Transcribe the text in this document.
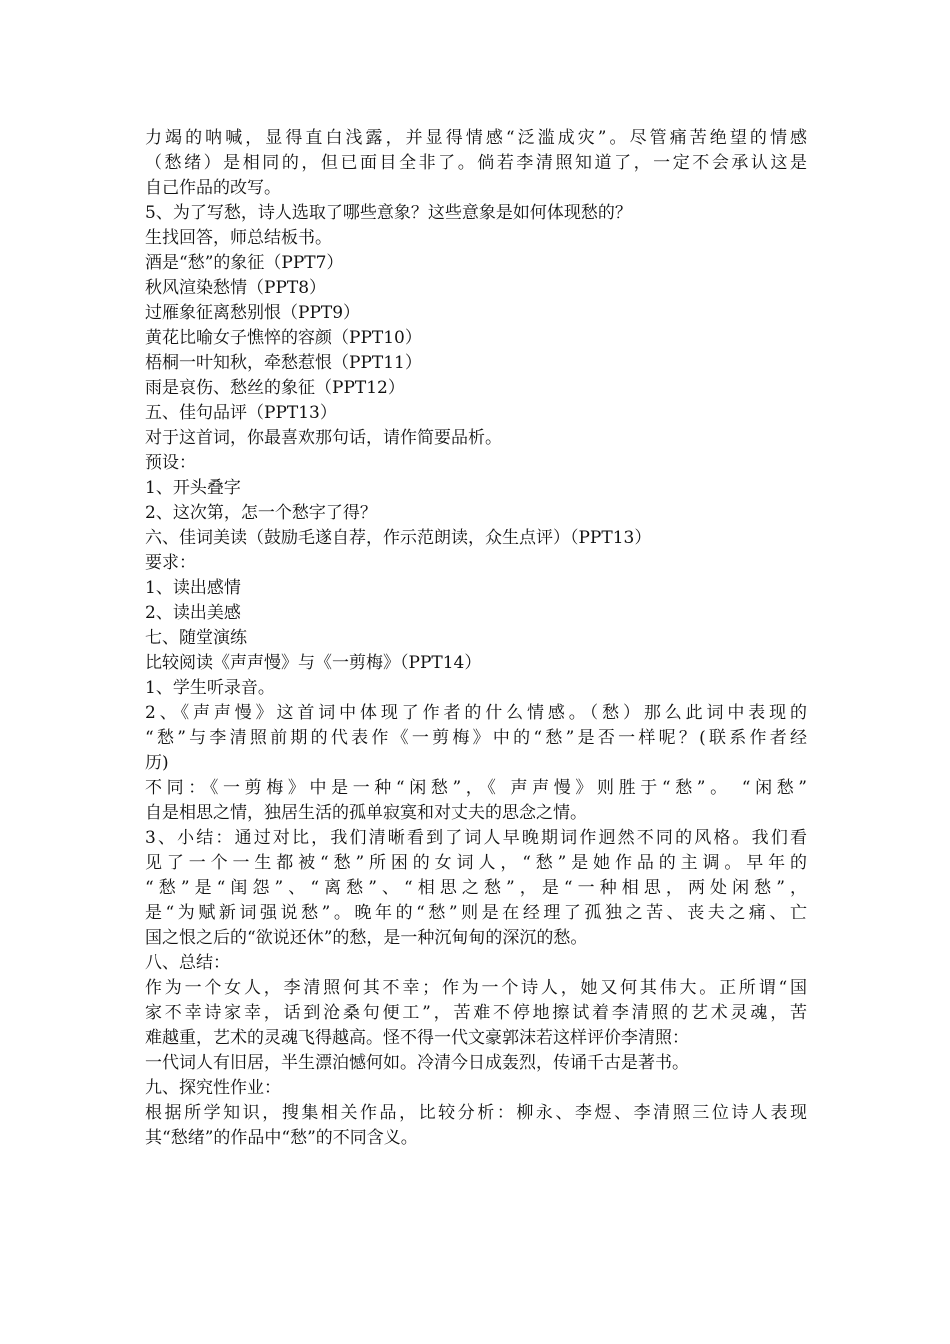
力竭的呐喊，显得直白浅露，并显得情感“泛滥成灾”。尽管痛苦绝望的情感
（愁绪）是相同的，但已面目全非了。倘若李清照知道了，一定不会承认这是
自己作品的改写。
5、为了写愁，诗人选取了哪些意象？这些意象是如何体现愁的？
生找回答，师总结板书。
酒是“愁”的象征（PPT7）
秋风渲染愁情（PPT8）
过雁象征离愁别恨（PPT9）
黄花比喻女子憔悴的容颜（PPT10）
梧桐一叶知秋，牵愁惹恨（PPT11）
雨是哀伤、愁丝的象征（PPT12）
五、佳句品评（PPT13）
对于这首词，你最喜欢那句话，请作简要品析。
预设：
1、开头叠字
2、这次第，怎一个愁字了得？
六、佳词美读（鼓励毛遂自荐，作示范朗读，众生点评）（PPT13）
要求：
1、读出感情
2、读出美感
七、随堂演练
比较阅读《声声慢》与《一剪梅》（PPT14）
1、学生听录音。
2、《声声慢》这首词中体现了作者的什么情感。（愁）那么此词中表现的
“愁”与李清照前期的代表作《一剪梅》中的“愁”是否一样呢？(联系作者经
历)
不同：《一剪梅》中是一种“闲愁”，《 声声慢》则胜于“愁”。 “闲愁”
自是相思之情，独居生活的孤单寂寞和对丈夫的思念之情。
3、小结：通过对比，我们清晰看到了词人早晚期词作迥然不同的风格。我们看
见了一个一生都被“愁”所困的女词人，“愁”是她作品的主调。早年的
“愁”是“闺怨”、“离愁”、“相思之愁”，是“一种相思，两处闲愁”，
是“为赋新词强说愁”。晚年的“愁”则是在经理了孤独之苦、丧夫之痛、亡
国之恨之后的“欲说还休”的愁，是一种沉甸甸的深沉的愁。
八、总结：
作为一个女人，李清照何其不幸；作为一个诗人，她又何其伟大。正所谓“国
家不幸诗家幸，话到沧桑句便工”，苦难不停地擦试着李清照的艺术灵魂，苦
难越重，艺术的灵魂飞得越高。怪不得一代文豪郭沫若这样评价李清照：
一代词人有旧居，半生漂泊憾何如。冷清今日成轰烈，传诵千古是著书。
九、探究性作业：
根据所学知识，搜集相关作品，比较分析：柳永、李煜、李清照三位诗人表现
其“愁绪”的作品中“愁”的不同含义。
